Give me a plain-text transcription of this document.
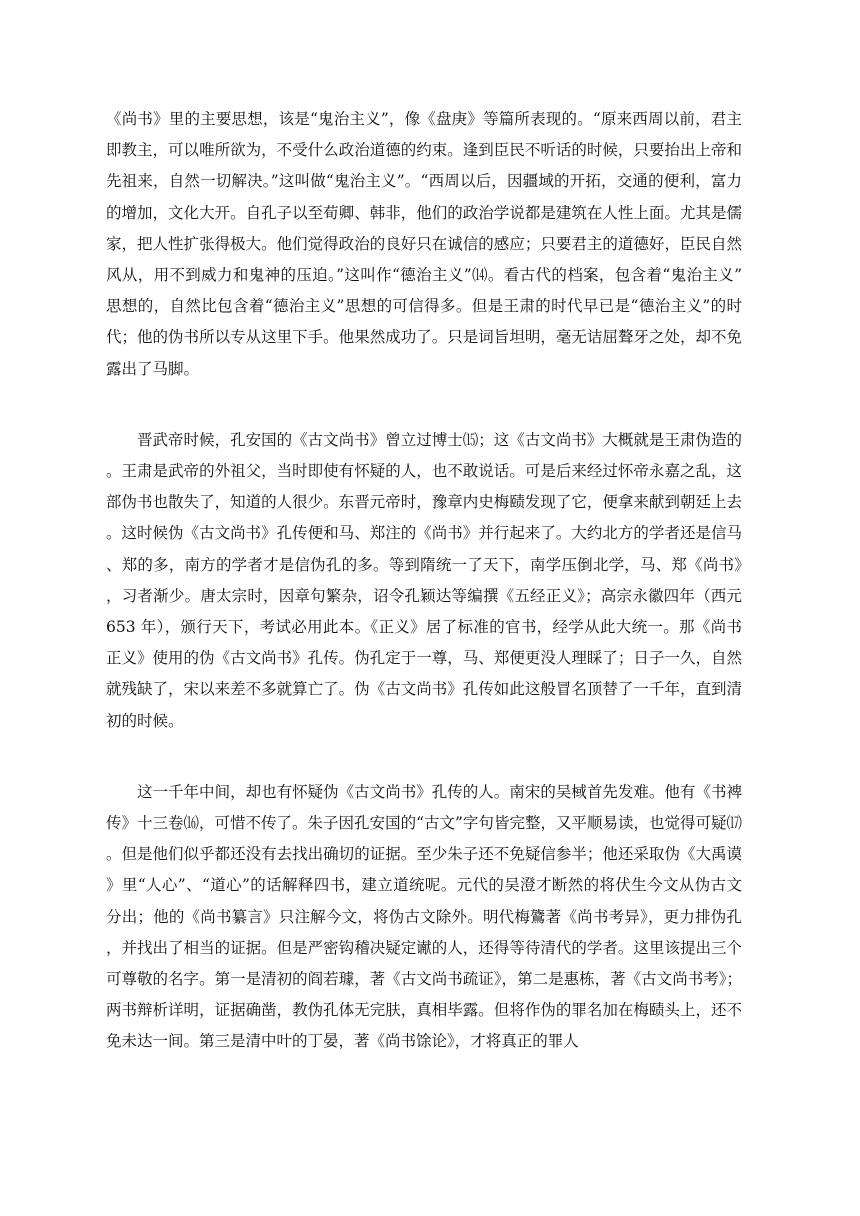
《尚书》里的主要思想，该是“鬼治主义”，像《盘庚》等篇所表现的。“原来西周以前，君主即教主，可以唯所欲为，不受什么政治道德的约束。逢到臣民不听话的时候，只要抬出上帝和先祖来，自然一切解决。”这叫做“鬼治主义”。“西周以后，因疆域的开拓，交通的便利，富力的增加，文化大开。自孔子以至荀卿、韩非，他们的政治学说都是建筑在人性上面。尤其是儒家，把人性扩张得极大。他们觉得政治的良好只在诚信的感应；只要君主的道德好，臣民自然风从，用不到威力和鬼神的压迫。”这叫作“德治主义”⒁。看古代的档案，包含着“鬼治主义”思想的，自然比包含着“德治主义”思想的可信得多。但是王肃的时代早已是“德治主义”的时代；他的伪书所以专从这里下手。他果然成功了。只是词旨坦明，毫无诘屈聱牙之处，却不免露出了马脚。

晋武帝时候，孔安国的《古文尚书》曾立过博士⒂；这《古文尚书》大概就是王肃伪造的。王肃是武帝的外祖父，当时即使有怀疑的人，也不敢说话。可是后来经过怀帝永嘉之乱，这部伪书也散失了，知道的人很少。东晋元帝时，豫章内史梅赜发现了它，便拿来献到朝廷上去。这时候伪《古文尚书》孔传便和马、郑注的《尚书》并行起来了。大约北方的学者还是信马、郑的多，南方的学者才是信伪孔的多。等到隋统一了天下，南学压倒北学，马、郑《尚书》，习者渐少。唐太宗时，因章句繁杂，诏令孔颖达等编撰《五经正义》；高宗永徽四年（西元 653 年），颁行天下，考试必用此本。《正义》居了标准的官书，经学从此大统一。那《尚书正义》使用的伪《古文尚书》孔传。伪孔定于一尊，马、郑便更没人理睬了；日子一久，自然就残缺了，宋以来差不多就算亡了。伪《古文尚书》孔传如此这般冒名顶替了一千年，直到清初的时候。

这一千年中间，却也有怀疑伪《古文尚书》孔传的人。南宋的吴棫首先发难。他有《书裨传》十三卷⒃，可惜不传了。朱子因孔安国的“古文”字句皆完整，又平顺易读，也觉得可疑⒄。但是他们似乎都还没有去找出确切的证据。至少朱子还不免疑信参半；他还采取伪《大禹谟》里“人心”、“道心”的话解释四书，建立道统呢。元代的吴澄才断然的将伏生今文从伪古文分出；他的《尚书纂言》只注解今文，将伪古文除外。明代梅鷟著《尚书考异》，更力排伪孔，并找出了相当的证据。但是严密钩稽决疑定谳的人，还得等待清代的学者。这里该提出三个可尊敬的名字。第一是清初的阎若璩，著《古文尚书疏证》，第二是惠栋，著《古文尚书考》；两书辩析详明，证据确凿，教伪孔体无完肤，真相毕露。但将作伪的罪名加在梅赜头上，还不免未达一间。第三是清中叶的丁晏，著《尚书馀论》，才将真正的罪人
